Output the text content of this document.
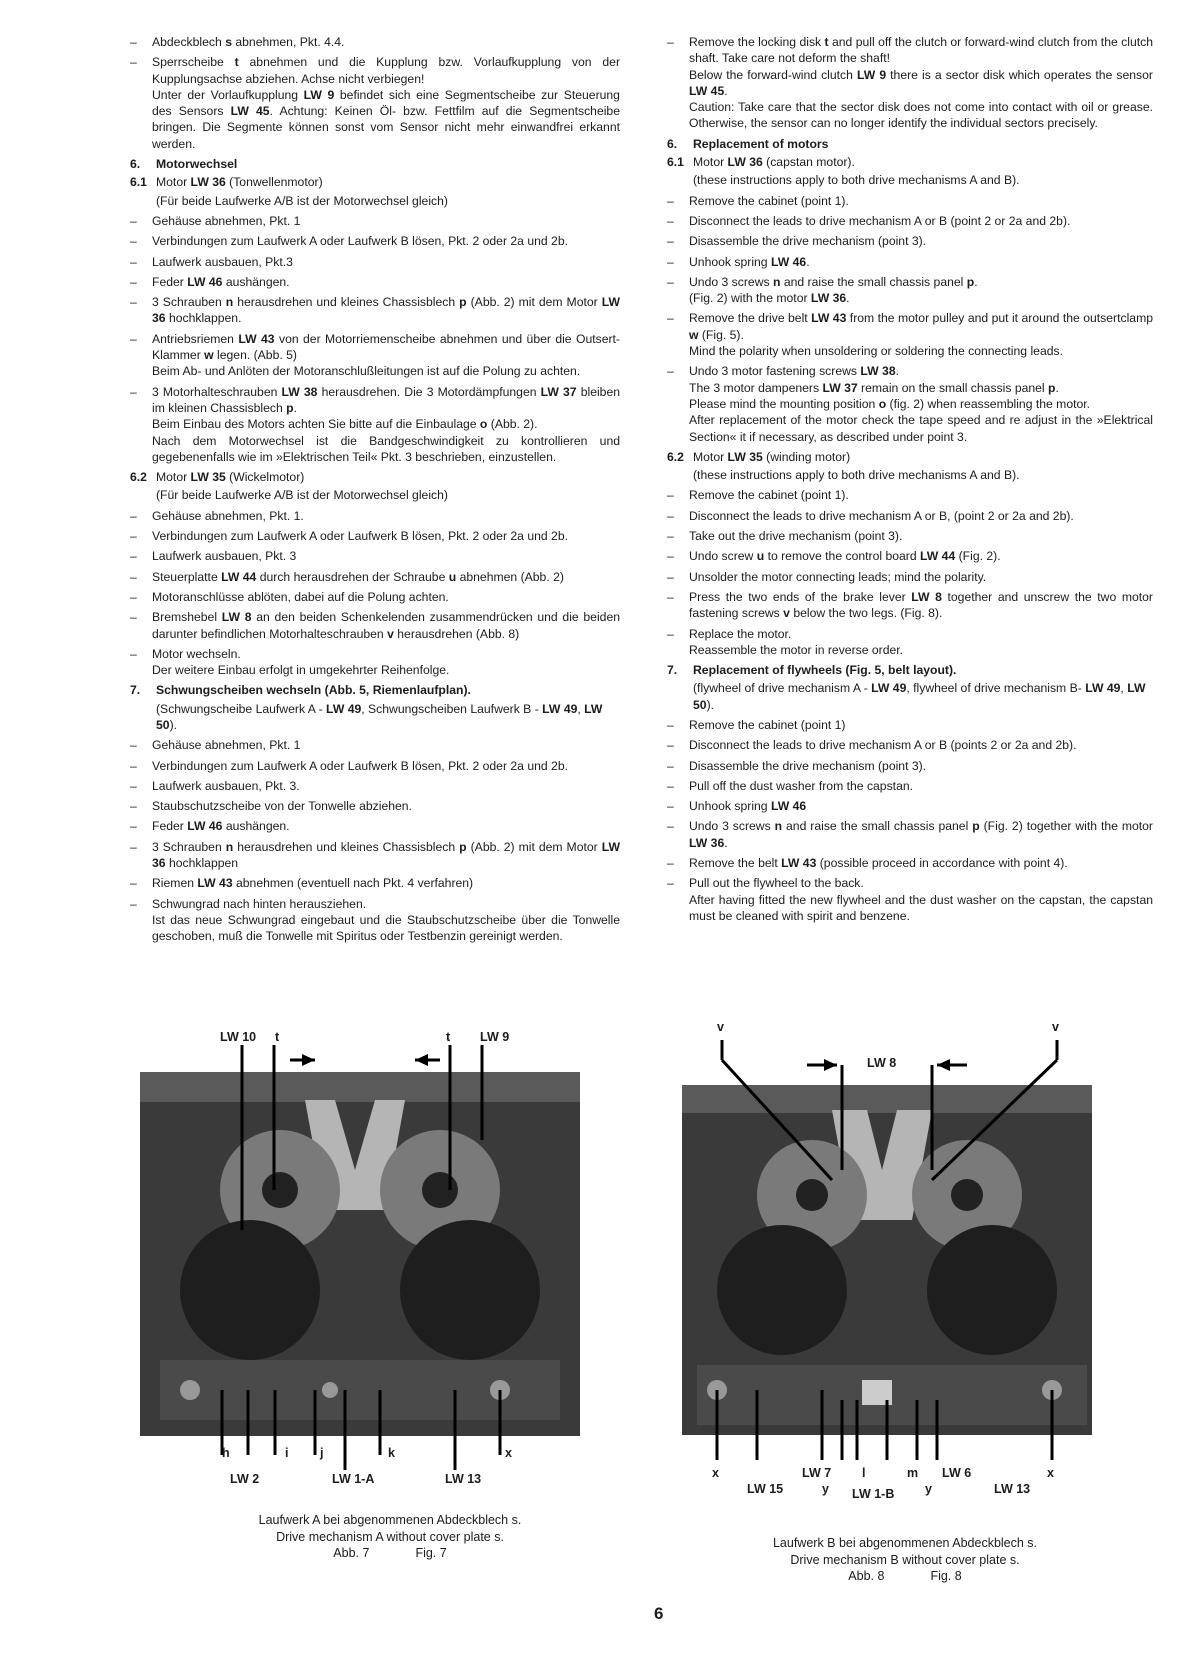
–	Abdeckblech s abnehmen, Pkt. 4.4.
–	Sperrscheibe t abnehmen und die Kupplung bzw. Vorlaufkupplung von der Kupplungsachse abziehen. Achse nicht verbiegen!
Unter der Vorlaufkupplung LW 9 befindet sich eine Segmentscheibe zur Steuerung des Sensors LW 45. Achtung: Keinen Öl- bzw. Fettfilm auf die Segmentscheibe bringen. Die Segmente können sonst vom Sensor nicht mehr einwandfrei erkannt werden.
6.	Motorwechsel
6.1 Motor LW 36 (Tonwellenmotor)
(Für beide Laufwerke A/B ist der Motorwechsel gleich)
–	Gehäuse abnehmen, Pkt. 1
–	Verbindungen zum Laufwerk A oder Laufwerk B lösen, Pkt. 2 oder 2a und 2b.
–	Laufwerk ausbauen, Pkt.3
–	Feder LW 46 aushängen.
–	3 Schrauben n herausdrehen und kleines Chassisblech p (Abb. 2) mit dem Motor LW 36 hochklappen.
–	Antriebsriemen LW 43 von der Motorriemenscheibe abnehmen und über die Outsert-Klammer w legen. (Abb. 5)
Beim Ab- und Anlöten der Motoranschlußleitungen ist auf die Polung zu achten.
–	3 Motorhalteschrauben LW 38 herausdrehen. Die 3 Motordämpfungen LW 37 bleiben im kleinen Chassisblech p.
Beim Einbau des Motors achten Sie bitte auf die Einbaulage o (Abb. 2).
Nach dem Motorwechsel ist die Bandgeschwindigkeit zu kontrollieren und gegebenenfalls wie im »Elektrischen Teil« Pkt. 3 beschrieben, einzustellen.
6.2 Motor LW 35 (Wickelmotor)
(Für beide Laufwerke A/B ist der Motorwechsel gleich)
–	Gehäuse abnehmen, Pkt. 1.
–	Verbindungen zum Laufwerk A oder Laufwerk B lösen, Pkt. 2 oder 2a und 2b.
–	Laufwerk ausbauen, Pkt. 3
–	Steuerplatte LW 44 durch herausdrehen der Schraube u abnehmen (Abb. 2)
–	Motoranschlüsse ablöten, dabei auf die Polung achten.
–	Bremshebel LW 8 an den beiden Schenkelenden zusammendrücken und die beiden darunter befindlichen Motorhalteschrauben v herausdrehen (Abb. 8)
–	Motor wechseln.
Der weitere Einbau erfolgt in umgekehrter Reihenfolge.
7.	Schwungscheiben wechseln (Abb. 5, Riemenlaufplan).
(Schwungscheibe Laufwerk A - LW 49, Schwungscheiben Laufwerk B - LW 49, LW 50).
–	Gehäuse abnehmen, Pkt. 1
–	Verbindungen zum Laufwerk A oder Laufwerk B lösen, Pkt. 2 oder 2a und 2b.
–	Laufwerk ausbauen, Pkt. 3.
–	Staubschutzscheibe von der Tonwelle abziehen.
–	Feder LW 46 aushängen.
–	3 Schrauben n herausdrehen und kleines Chassisblech p (Abb. 2) mit dem Motor LW 36 hochklappen
–	Riemen LW 43 abnehmen (eventuell nach Pkt. 4 verfahren)
–	Schwungrad nach hinten herausziehen.
Ist das neue Schwungrad eingebaut und die Staubschutzscheibe über die Tonwelle geschoben, muß die Tonwelle mit Spiritus oder Testbenzin gereinigt werden.
–	Remove the locking disk t and pull off the clutch or forward-wind clutch from the clutch shaft. Take care not deform the shaft!
Below the forward-wind clutch LW 9 there is a sector disk which operates the sensor LW 45.
Caution: Take care that the sector disk does not come into contact with oil or grease. Otherwise, the sensor can no longer identify the individual sectors precisely.
6.	Replacement of motors
6.1 Motor LW 36 (capstan motor).
(these instructions apply to both drive mechanisms A and B).
–	Remove the cabinet (point 1).
–	Disconnect the leads to drive mechanism A or B (point 2 or 2a and 2b).
–	Disassemble the drive mechanism (point 3).
–	Unhook spring LW 46.
–	Undo 3 screws n and raise the small chassis panel p.
(Fig. 2) with the motor LW 36.
–	Remove the drive belt LW 43 from the motor pulley and put it around the outsertclamp w (Fig. 5).
Mind the polarity when unsoldering or soldering the connecting leads.
–	Undo 3 motor fastening screws LW 38.
The 3 motor dampeners LW 37 remain on the small chassis panel p.
Please mind the mounting position o (fig. 2) when reassembling the motor.
After replacement of the motor check the tape speed and re adjust in the »Elektrical Section« it if necessary, as described under point 3.
6.2 Motor LW 35 (winding motor)
(these instructions apply to both drive mechanisms A and B).
–	Remove the cabinet (point 1).
–	Disconnect the leads to drive mechanism A or B, (point 2 or 2a and 2b).
–	Take out the drive mechanism (point 3).
–	Undo screw u to remove the control board LW 44 (Fig. 2).
–	Unsolder the motor connecting leads; mind the polarity.
–	Press the two ends of the brake lever LW 8 together and unscrew the two motor fastening screws v below the two legs. (Fig. 8).
–	Replace the motor.
Reassemble the motor in reverse order.
7.	Replacement of flywheels (Fig. 5, belt layout).
(flywheel of drive mechanism A - LW 49, flywheel of drive mechanism B- LW 49, LW 50).
–	Remove the cabinet (point 1)
–	Disconnect the leads to drive mechanism A or B (points 2 or 2a and 2b).
–	Disassemble the drive mechanism (point 3).
–	Pull off the dust washer from the capstan.
–	Unhook spring LW 46
–	Undo 3 screws n and raise the small chassis panel p (Fig. 2) together with the motor LW 36.
–	Remove the belt LW 43 (possible proceed in accordance with point 4).
–	Pull out the flywheel to the back.
After having fitted the new flywheel and the dust washer on the capstan, the capstan must be cleaned with spirit and benzene.
LW 10 t	t LW 9
h	i	j	k	x
LW 2	LW 1-A	LW 13
Laufwerk A bei abgenommenen Abdeckblech s.
Drive mechanism A without cover plate s.
Abb. 7	Fig. 7
v	v
LW 8
x	LW 7 l	m LW 6	x
LW 15	y LW 1-B y	LW 13
Laufwerk B bei abgenommenen Abdeckblech s.
Drive mechanism B without cover plate s.
Abb. 8	Fig. 8
6
